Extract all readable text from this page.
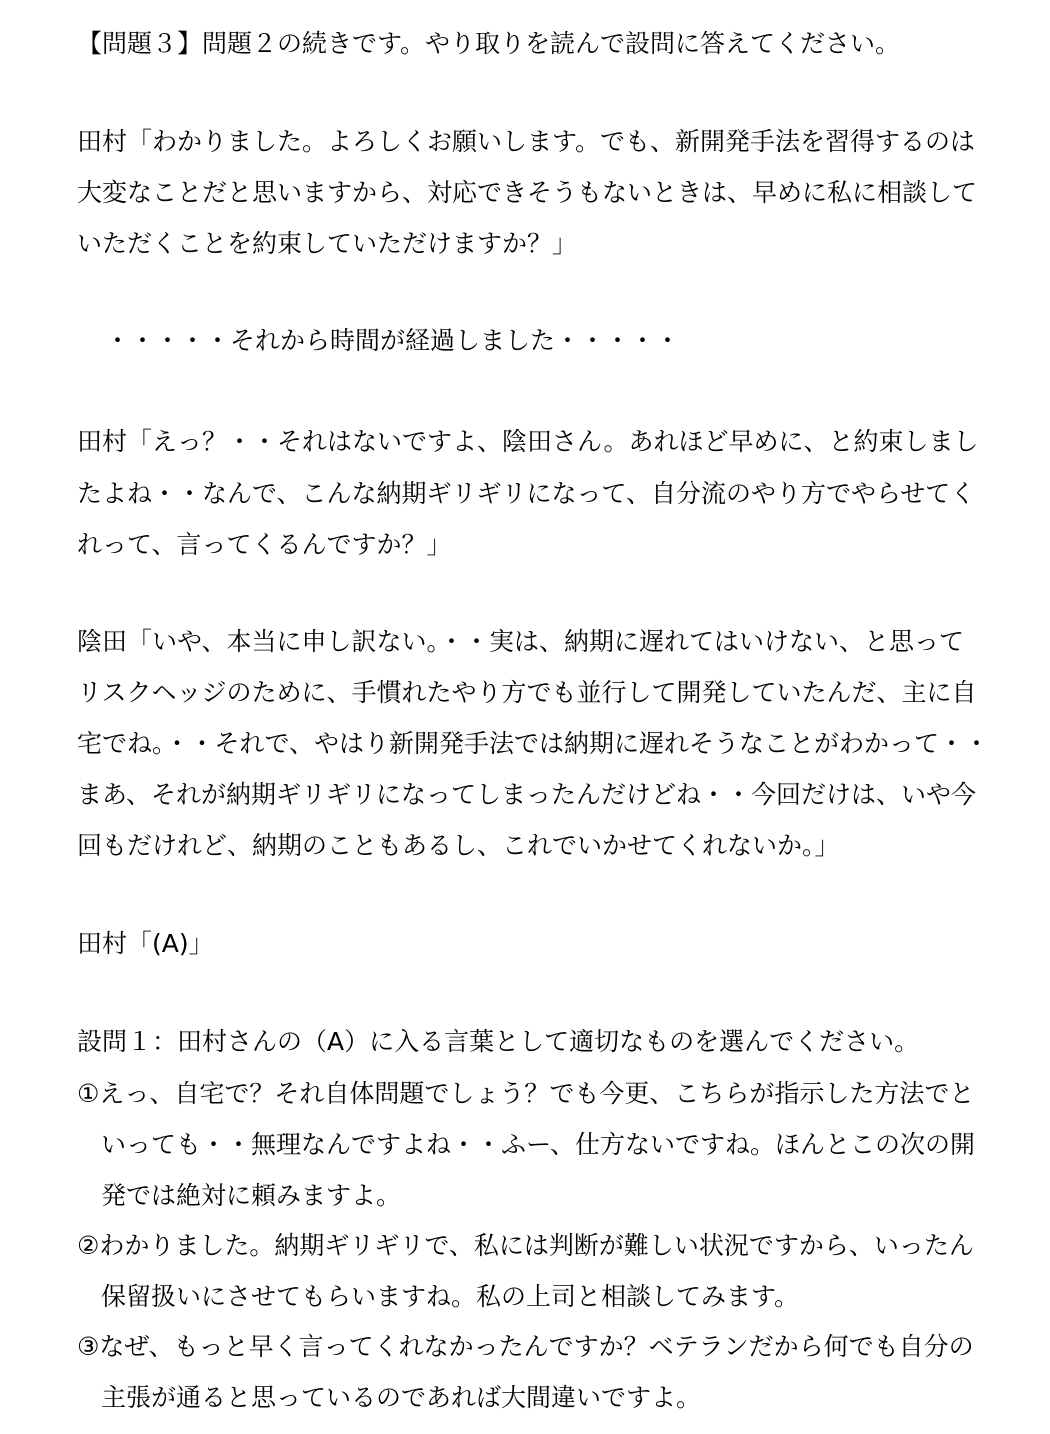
【問題３】問題２の続きです。やり取りを読んで設問に答えてください。
田村「わかりました。よろしくお願いします。でも、新開発手法を習得するのは
大変なことだと思いますから、対応できそうもないときは、早めに私に相談して
いただくことを約束していただけますか？」
・・・・・それから時間が経過しました・・・・・
田村「えっ？・・それはないですよ、陰田さん。あれほど早めに、と約束しまし
たよね・・なんで、こんな納期ギリギリになって、自分流のやり方でやらせてく
れって、言ってくるんですか？」
陰田「いや、本当に申し訳ない。・・実は、納期に遅れてはいけない、と思って
リスクヘッジのために、手慣れたやり方でも並行して開発していたんだ、主に自
宅でね。・・それで、やはり新開発手法では納期に遅れそうなことがわかって・・
まあ、それが納期ギリギリになってしまったんだけどね・・今回だけは、いや今
回もだけれど、納期のこともあるし、これでいかせてくれないか。」
田村「(A)」
設問１：田村さんの（A）に入る言葉として適切なものを選んでください。
①えっ、自宅で？それ自体問題でしょう？でも今更、こちらが指示した方法でと
いっても・・無理なんですよね・・ふー、仕方ないですね。ほんとこの次の開
発では絶対に頼みますよ。
②わかりました。納期ギリギリで、私には判断が難しい状況ですから、いったん
保留扱いにさせてもらいますね。私の上司と相談してみます。
③なぜ、もっと早く言ってくれなかったんですか？ベテランだから何でも自分の
主張が通ると思っているのであれば大間違いですよ。
